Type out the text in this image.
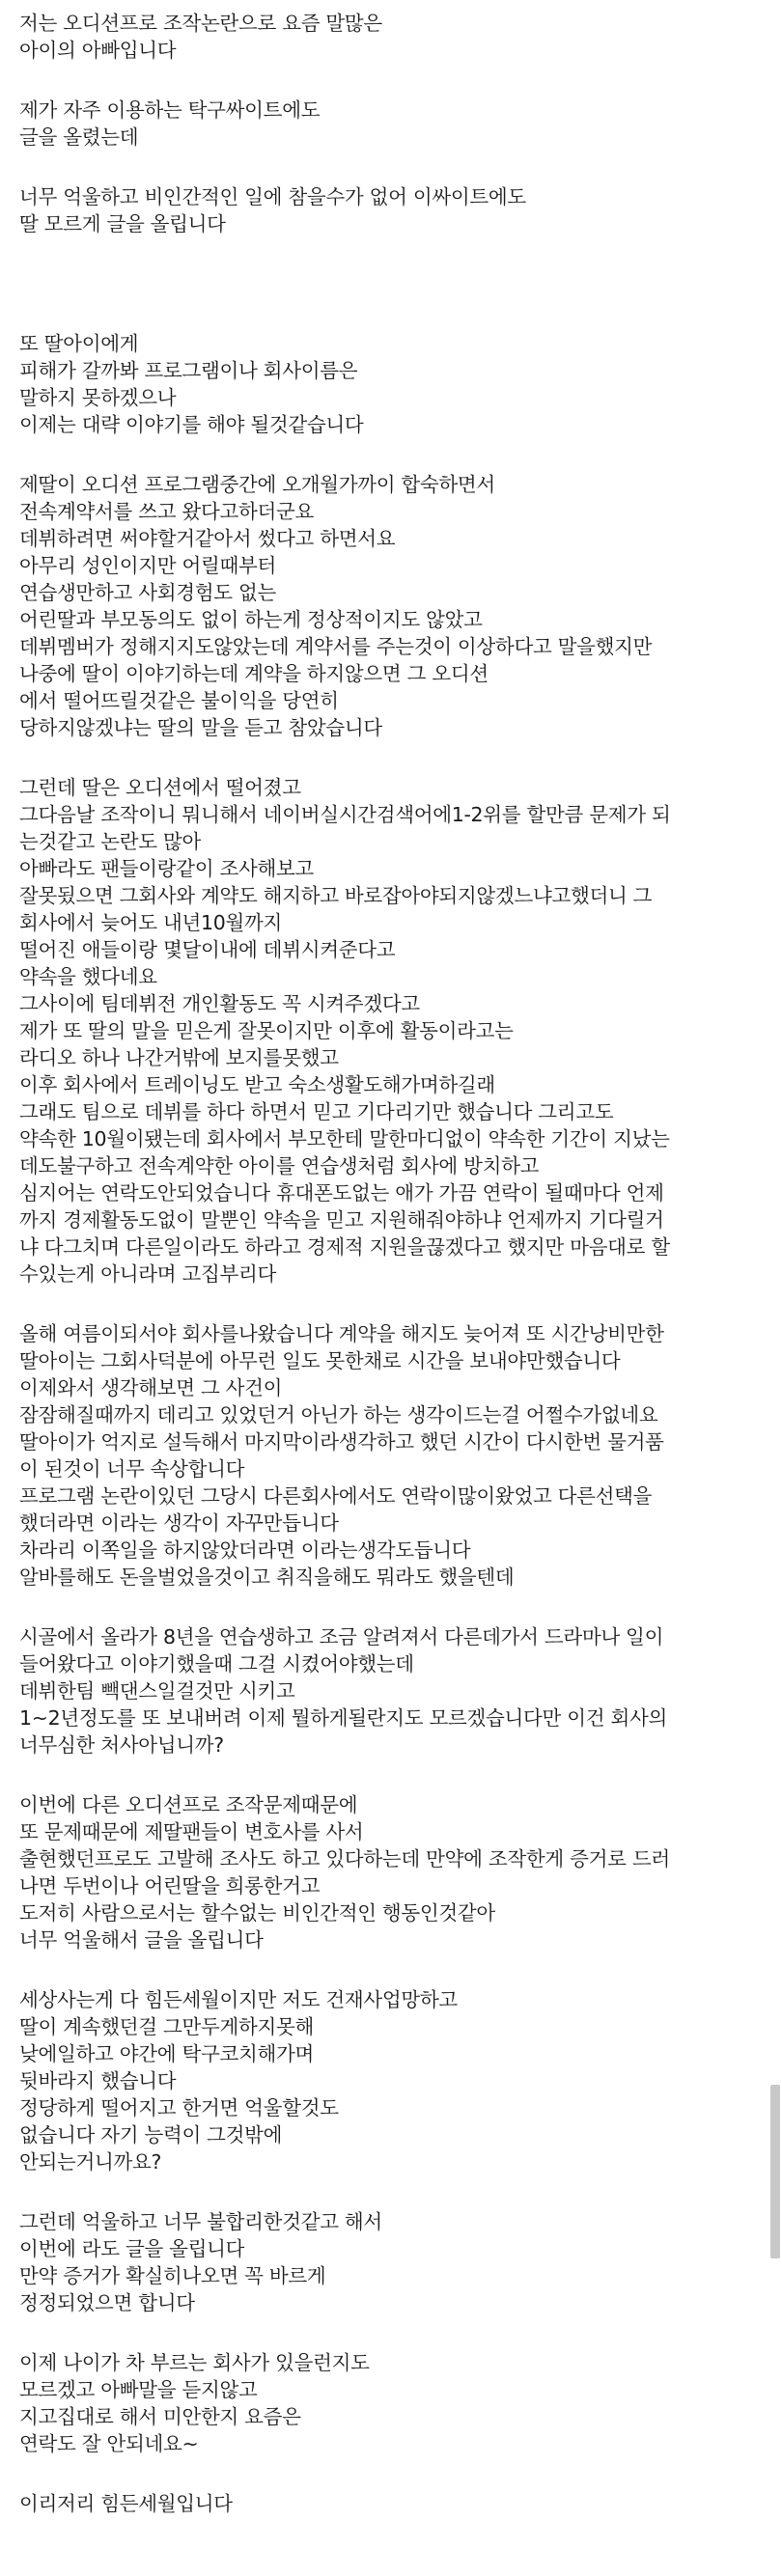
저는 오디션프로 조작논란으로 요즘 말많은
아이의 아빠입니다
제가 자주 이용하는 탁구싸이트에도
글을 올렸는데
너무 억울하고 비인간적인 일에 참을수가 없어 이싸이트에도
딸 모르게 글을 올립니다

또 딸아이에게
피해가 갈까봐 프로그램이나 회사이름은
말하지 못하겠으나
이제는 대략 이야기를 해야 될것같습니다
제딸이 오디션 프로그램중간에 오개월가까이 합숙하면서
전속계약서를 쓰고 왔다고하더군요
데뷔하려면 써야할거같아서 썼다고 하면서요
아무리 성인이지만 어릴때부터
연습생만하고 사회경험도 없는
어린딸과 부모동의도 없이 하는게 정상적이지도 않았고
데뷔멤버가 정해지지도않았는데 계약서를 주는것이 이상하다고 말을했지만
나중에 딸이 이야기하는데 계약을 하지않으면 그 오디션
에서 떨어뜨릴것같은 불이익을 당연히
당하지않겠냐는 딸의 말을 듣고 참았습니다
그런데 딸은 오디션에서 떨어졌고
그다음날 조작이니 뭐니해서 네이버실시간검색어에1-2위를 할만큼 문제가 되
는것같고 논란도 많아
아빠라도 팬들이랑같이 조사해보고
잘못됬으면 그회사와 계약도 해지하고 바로잡아야되지않겠느냐고했더니 그
회사에서 늦어도 내년10월까지
떨어진 애들이랑 몇달이내에 데뷔시켜준다고
약속을 했다네요
그사이에 팀데뷔전 개인활동도 꼭 시켜주겠다고
제가 또 딸의 말을 믿은게 잘못이지만 이후에 활동이라고는
라디오 하나 나간거밖에 보지를못했고
이후 회사에서 트레이닝도 받고 숙소생활도해가며하길래
그래도 팀으로 데뷔를 하다 하면서 믿고 기다리기만 했습니다 그리고도
약속한 10월이됐는데 회사에서 부모한테 말한마디없이 약속한 기간이 지났는
데도불구하고 전속계약한 아이를 연습생처럼 회사에 방치하고
심지어는 연락도안되었습니다 휴대폰도없는 애가 가끔 연락이 될때마다 언제
까지 경제활동도없이 말뿐인 약속을 믿고 지원해줘야하냐 언제까지 기다릴거
냐 다그치며 다른일이라도 하라고 경제적 지원을끊겠다고 했지만 마음대로 할
수있는게 아니라며 고집부리다
올해 여름이되서야 회사를나왔습니다 계약을 해지도 늦어져 또 시간낭비만한
딸아이는 그회사덕분에 아무런 일도 못한채로 시간을 보내야만했습니다
이제와서 생각해보면 그 사건이
잠잠해질때까지 데리고 있었던거 아닌가 하는 생각이드는걸 어쩔수가없네요
딸아이가 억지로 설득해서 마지막이라생각하고 했던 시간이 다시한번 물거품
이 된것이 너무 속상합니다
프로그램 논란이있던 그당시 다른회사에서도 연락이많이왔었고 다른선택을
했더라면 이라는 생각이 자꾸만듭니다
차라리 이쪽일을 하지않았더라면 이라는생각도듭니다
알바를해도 돈을벌었을것이고 취직을해도 뭐라도 했을텐데
시골에서 올라가 8년을 연습생하고 조금 알려져서 다른데가서 드라마나 일이
들어왔다고 이야기했을때 그걸 시켰어야했는데
데뷔한팀 빽댄스일걸것만 시키고
1~2년정도를 또 보내버려 이제 뭘하게될란지도 모르겠습니다만 이건 회사의
너무심한 처사아닙니까?
이번에 다른 오디션프로 조작문제때문에
또 문제때문에 제딸팬들이 변호사를 사서
출현했던프로도 고발해 조사도 하고 있다하는데 만약에 조작한게 증거로 드러
나면 두번이나 어린딸을 희롱한거고
도저히 사람으로서는 할수없는 비인간적인 행동인것같아
너무 억울해서 글을 올립니다
세상사는게 다 힘든세월이지만 저도 건재사업망하고
딸이 계속했던걸 그만두게하지못해
낮에일하고 야간에 탁구코치해가며
뒷바라지 했습니다
정당하게 떨어지고 한거면 억울할것도
없습니다 자기 능력이 그것밖에
안되는거니까요?
그런데 억울하고 너무 불합리한것같고 해서
이번에 라도 글을 올립니다
만약 증거가 확실히나오면 꼭 바르게
정정되었으면 합니다
이제 나이가 차 부르는 회사가 있을런지도
모르겠고 아빠말을 듣지않고
지고집대로 해서 미안한지 요즘은
연락도 잘 안되네요~
이리저리 힘든세월입니다
